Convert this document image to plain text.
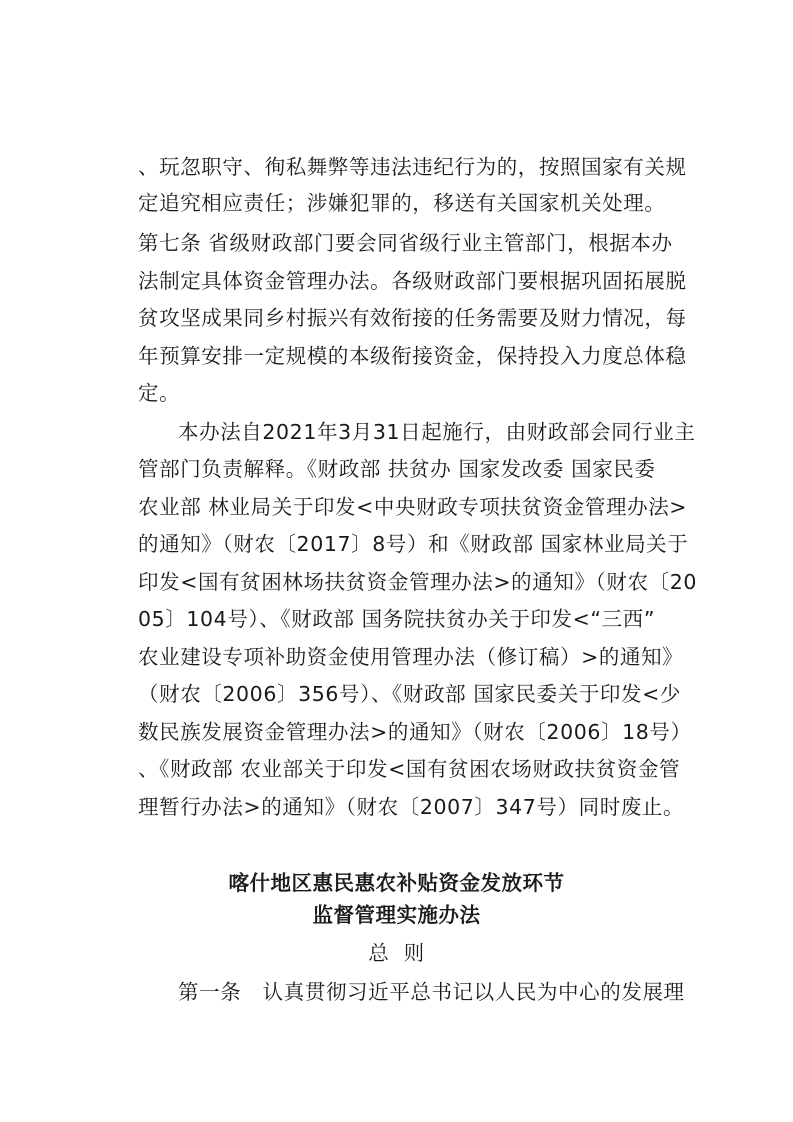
、玩忽职守、徇私舞弊等违法违纪行为的，按照国家有关规
定追究相应责任；涉嫌犯罪的，移送有关国家机关处理。
第七条 省级财政部门要会同省级行业主管部门，根据本办
法制定具体资金管理办法。各级财政部门要根据巩固拓展脱
贫攻坚成果同乡村振兴有效衔接的任务需要及财力情况，每
年预算安排一定规模的本级衔接资金，保持投入力度总体稳
定。
本办法自2021年3月31日起施行，由财政部会同行业主
管部门负责解释。《财政部 扶贫办 国家发改委 国家民委
农业部 林业局关于印发<中央财政专项扶贫资金管理办法>
的通知》（财农〔2017〕8号）和《财政部 国家林业局关于
印发<国有贫困林场扶贫资金管理办法>的通知》（财农〔20
05〕104号）、《财政部 国务院扶贫办关于印发<“三西”
农业建设专项补助资金使用管理办法（修订稿）>的通知》
（财农〔2006〕356号）、《财政部 国家民委关于印发<少
数民族发展资金管理办法>的通知》（财农〔2006〕18号）
、《财政部 农业部关于印发<国有贫困农场财政扶贫资金管
理暂行办法>的通知》（财农〔2007〕347号）同时废止。
喀什地区惠民惠农补贴资金发放环节
监督管理实施办法
总  则
第一条   认真贯彻习近平总书记以人民为中心的发展理
